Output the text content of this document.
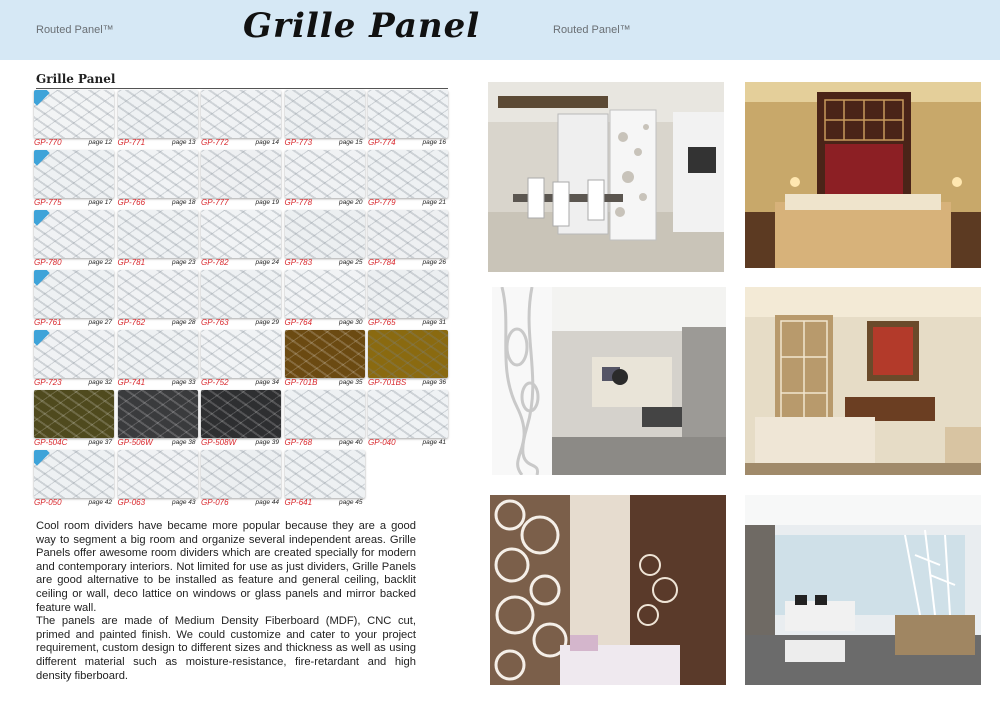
Routed Panel™	Grille Panel	Routed Panel™
Grille Panel
GP-770	page 12 GP-771	page 13 GP-772	page 14 GP-773	page 15 GP-774	page 16
GP-775	page 17 GP-766	page 18 GP-777	page 19 GP-778	page 20 GP-779	page 21
GP-780	page 22 GP-781	page 23 GP-782	page 24 GP-783	page 25 GP-784	page 26
GP-761	page 27 GP-762	page 28 GP-763	page 29 GP-764	page 30 GP-765	page 31
GP-723	page 32 GP-741	page 33 GP-752	page 34 GP-701B	page 35 GP-701BS	page 36
GP-504C	page 37 GP-506W	page 38 GP-508W	page 39 GP-768	page 40 GP-040	page 41
GP-050	page 42 GP-063	page 43 GP-076	page 44 GP-641	page 45

Cool room dividers have became more popular because they are a good way to segment a big room and organize several independent areas. Grille Panels offer awesome room dividers which are created specially for modern and contemporary interiors. Not limited for use as just dividers, Grille Panels are good alternative to be installed as feature and general ceiling, backlit ceiling or wall, deco lattice on windows or glass panels and mirror backed feature wall.

The panels are made of Medium Density Fiberboard (MDF), CNC cut, primed and painted finish. We could customize and cater to your project requirement, custom design to different sizes and thickness as well as using different material such as moisture-resistance, fire-retardant and high density fiberboard.
